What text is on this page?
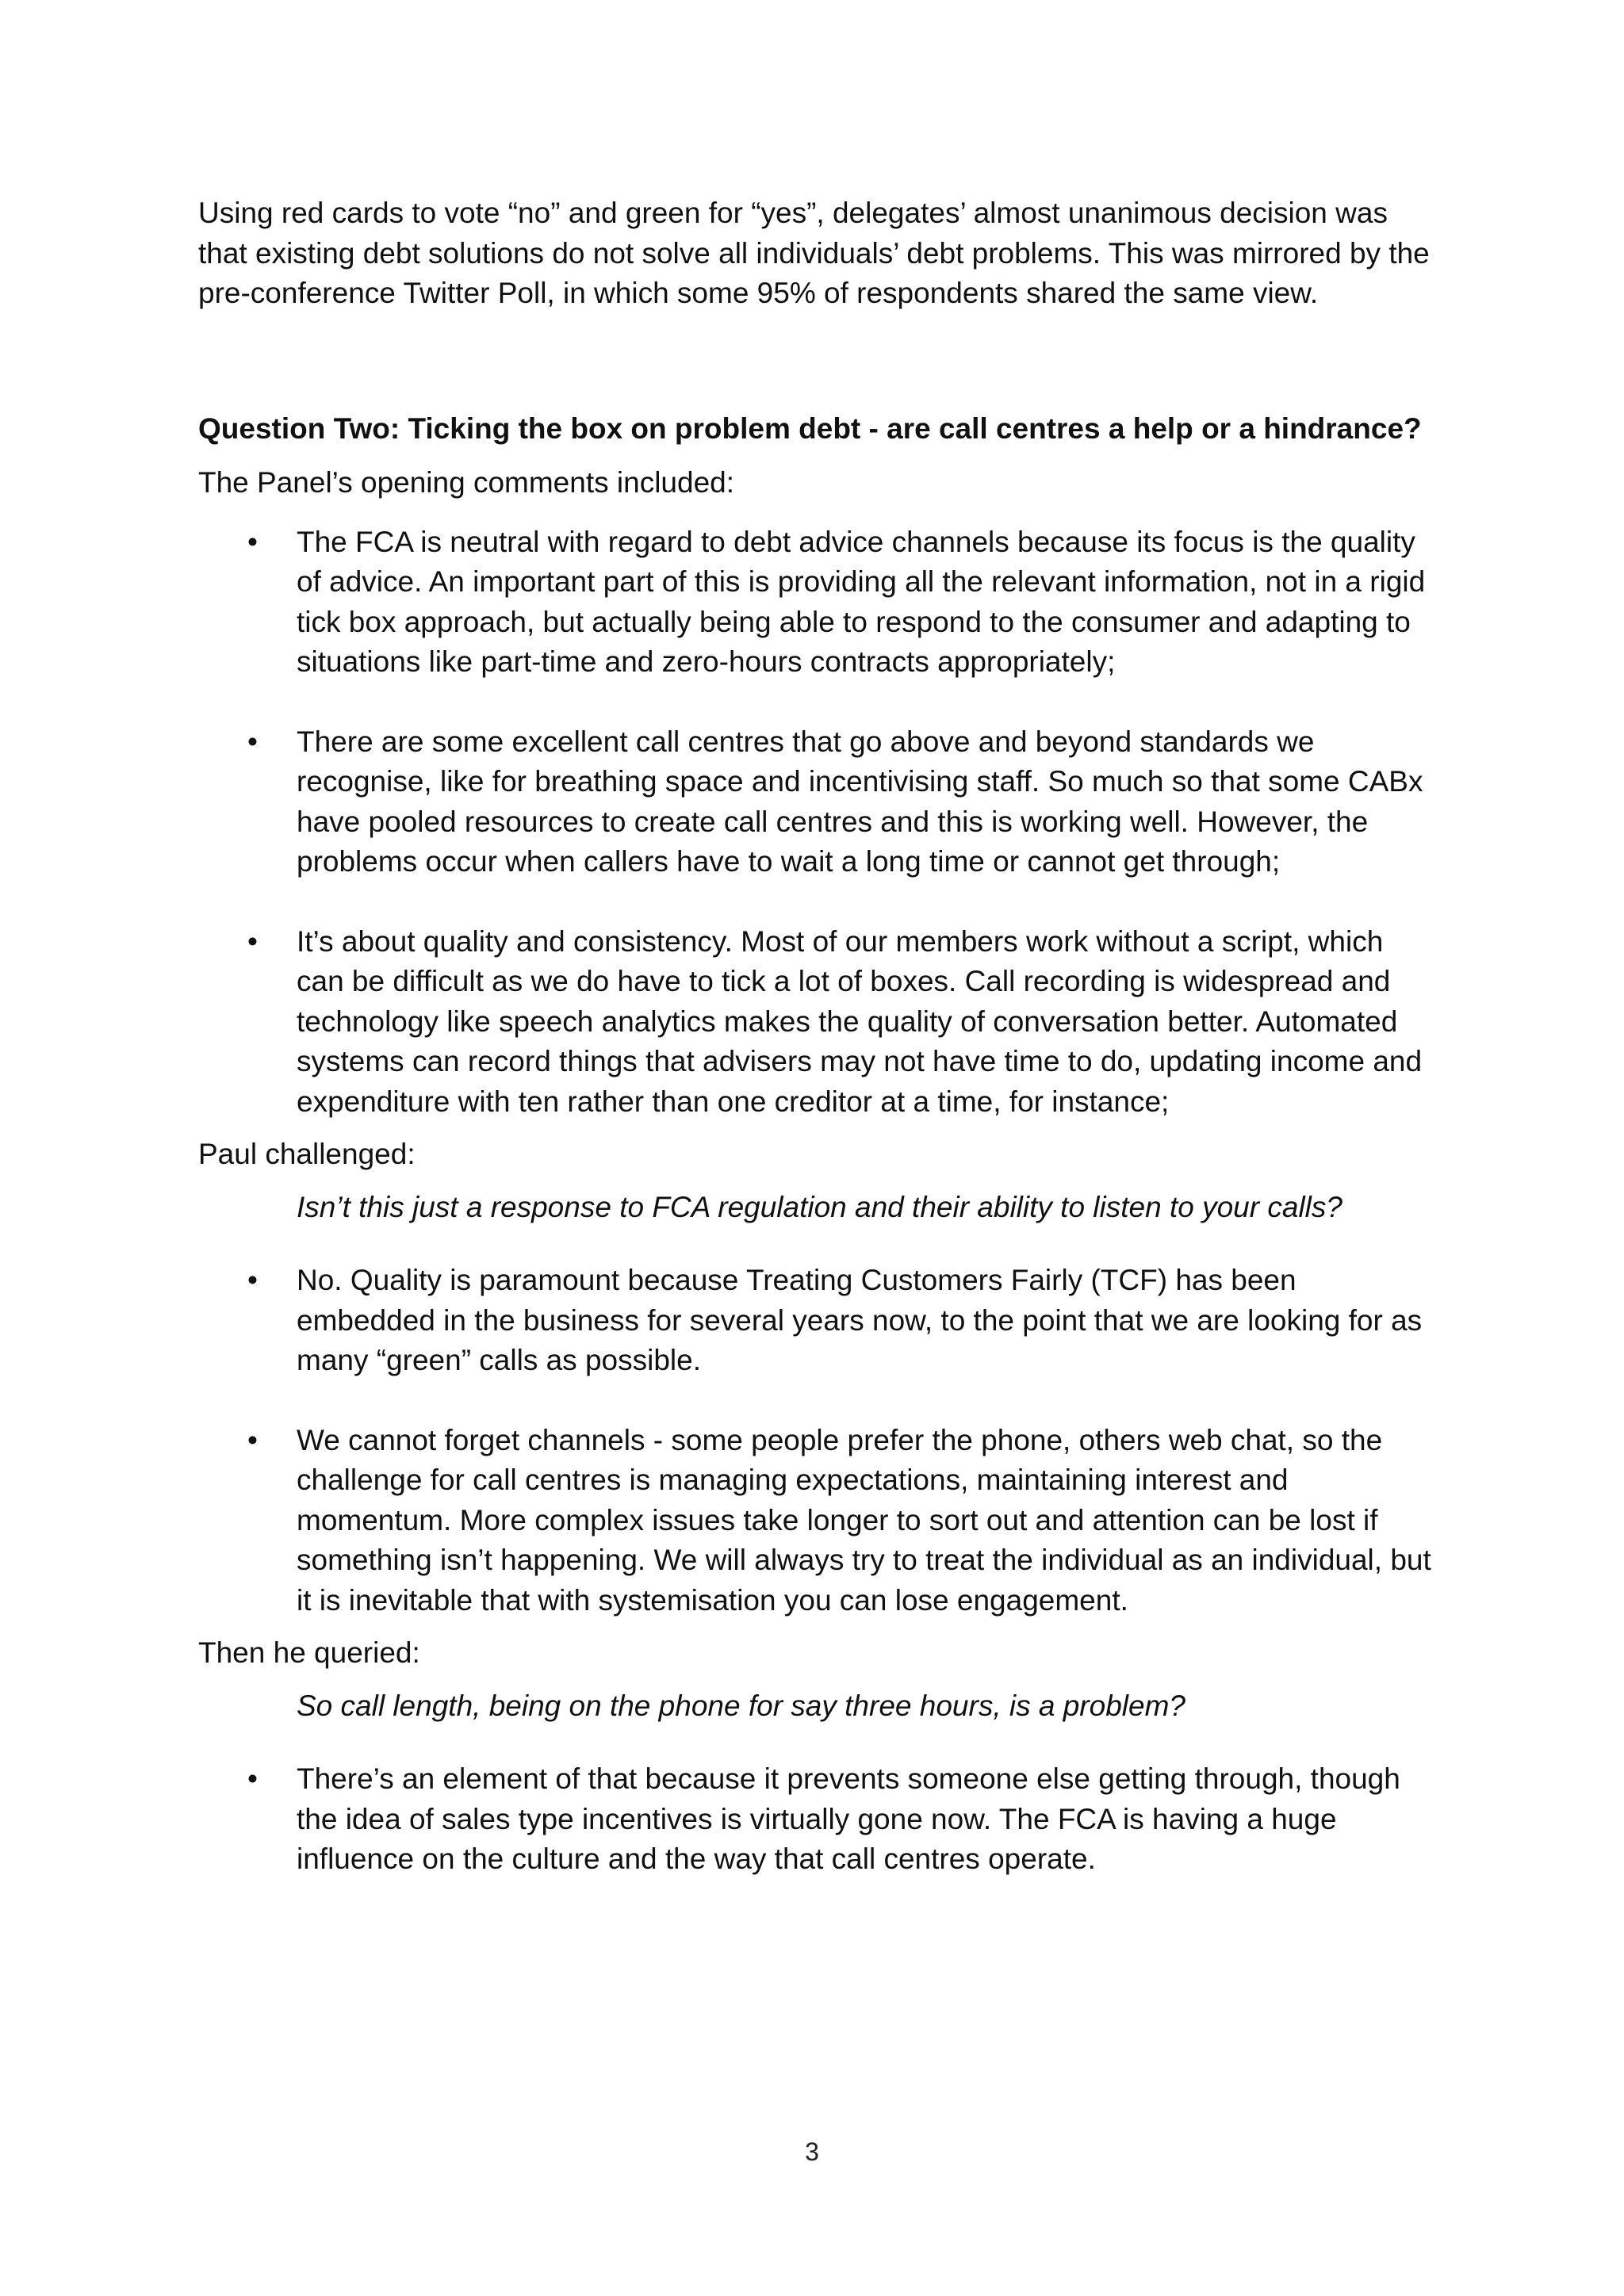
Using red cards to vote “no” and green for “yes”, delegates’ almost unanimous decision was that existing debt solutions do not solve all individuals’ debt problems. This was mirrored by the pre-conference Twitter Poll, in which some 95% of respondents shared the same view.

Question Two: Ticking the box on problem debt - are call centres a help or a hindrance?

The Panel’s opening comments included:

• The FCA is neutral with regard to debt advice channels because its focus is the quality of advice. An important part of this is providing all the relevant information, not in a rigid tick box approach, but actually being able to respond to the consumer and adapting to situations like part-time and zero-hours contracts appropriately;
• There are some excellent call centres that go above and beyond standards we recognise, like for breathing space and incentivising staff. So much so that some CABx have pooled resources to create call centres and this is working well. However, the problems occur when callers have to wait a long time or cannot get through;
• It’s about quality and consistency. Most of our members work without a script, which can be difficult as we do have to tick a lot of boxes. Call recording is widespread and technology like speech analytics makes the quality of conversation better. Automated systems can record things that advisers may not have time to do, updating income and expenditure with ten rather than one creditor at a time, for instance;

Paul challenged:

Isn’t this just a response to FCA regulation and their ability to listen to your calls?

• No. Quality is paramount because Treating Customers Fairly (TCF) has been embedded in the business for several years now, to the point that we are looking for as many “green” calls as possible.
• We cannot forget channels - some people prefer the phone, others web chat, so the challenge for call centres is managing expectations, maintaining interest and momentum. More complex issues take longer to sort out and attention can be lost if something isn’t happening. We will always try to treat the individual as an individual, but it is inevitable that with systemisation you can lose engagement.

Then he queried:

So call length, being on the phone for say three hours, is a problem?

• There’s an element of that because it prevents someone else getting through, though the idea of sales type incentives is virtually gone now. The FCA is having a huge influence on the culture and the way that call centres operate.
3
